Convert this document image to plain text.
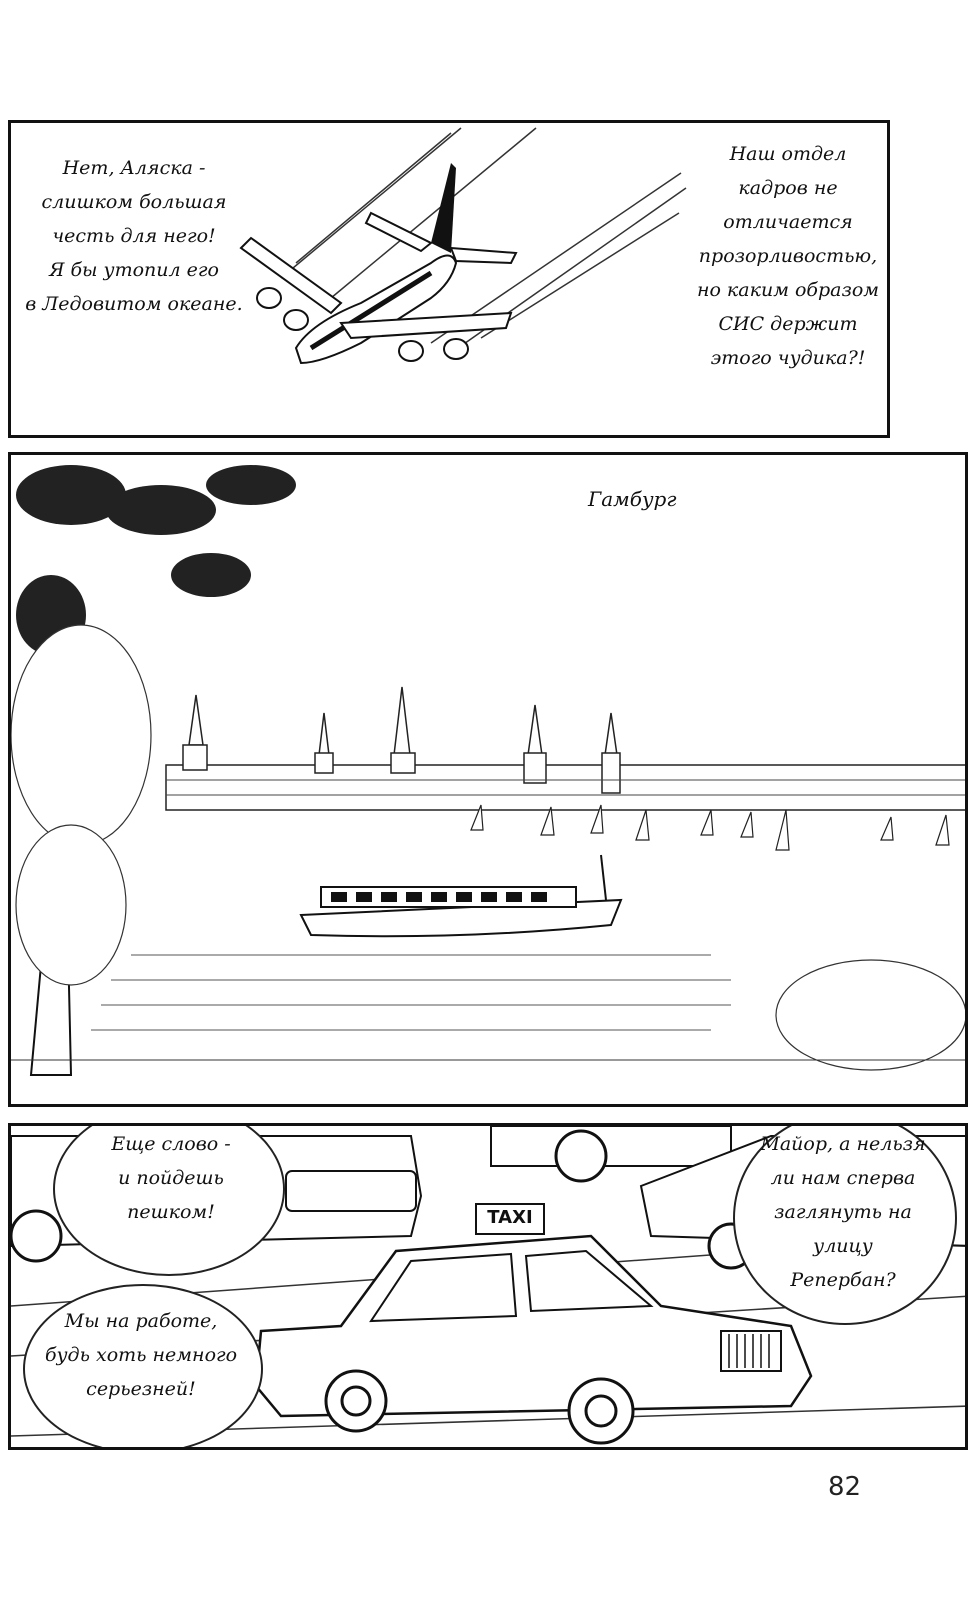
Нет, Аляска -
слишком большая
честь для него!
Я бы утопил его
в Ледовитом океане.
Наш отдел
кадров не
отличается
прозорливостью,
но каким образом
СИС держит
этого чудика?!
Гамбург
TAXI
Еще слово -
и пойдешь
пешком!
Мы на работе,
будь хоть немного
серьезней!
Майор, а нельзя
ли нам сперва
заглянуть на
улицу
Репербан?
82
